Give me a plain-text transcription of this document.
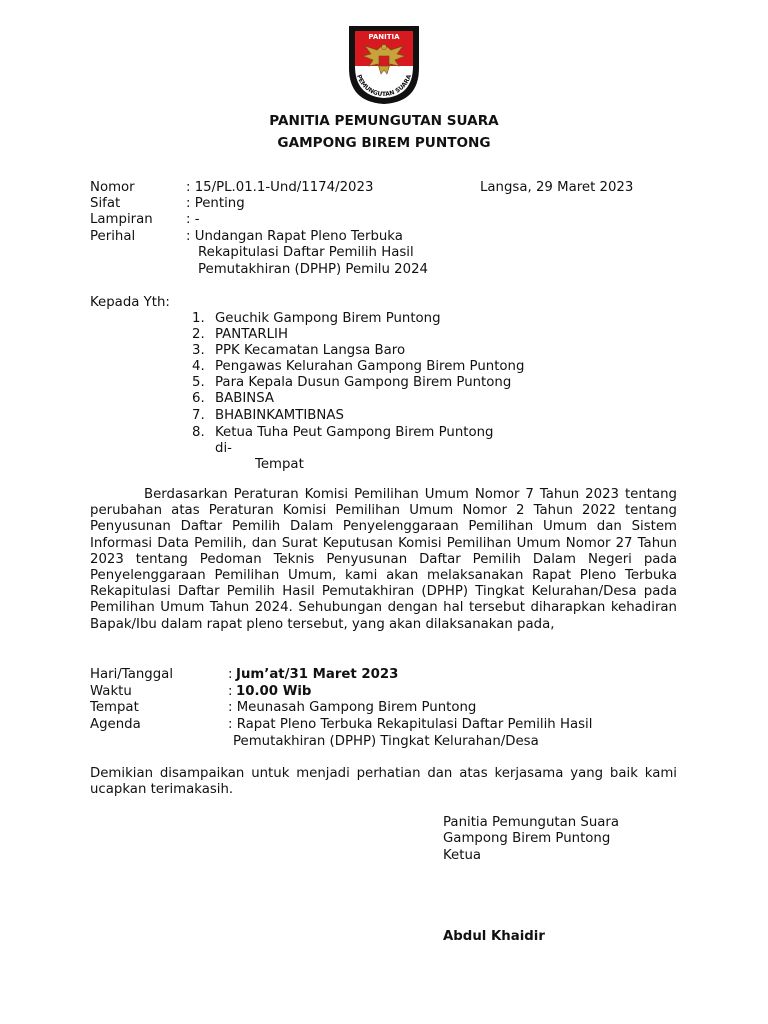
PANITIA
PEMUNGUTAN SUARA
PANITIA PEMUNGUTAN SUARA
GAMPONG BIREM PUNTONG
Nomor	: 15/PL.01.1-Und/1174/2023	Langsa, 29 Maret 2023
Sifat	: Penting
Lampiran	: -
Perihal	: Undangan Rapat Pleno Terbuka
Rekapitulasi Daftar Pemilih Hasil
Pemutakhiran (DPHP) Pemilu 2024
Kepada Yth:
1. Geuchik Gampong Birem Puntong
2. PANTARLIH
3. PPK Kecamatan Langsa Baro
4. Pengawas Kelurahan Gampong Birem Puntong
5. Para Kepala Dusun Gampong Birem Puntong
6. BABINSA
7. BHABINKAMTIBNAS
8. Ketua Tuha Peut Gampong Birem Puntong
di-
Tempat
Berdasarkan Peraturan Komisi Pemilihan Umum Nomor 7 Tahun 2023 tentang perubahan atas Peraturan Komisi Pemilihan Umum Nomor 2 Tahun 2022 tentang Penyusunan Daftar Pemilih Dalam Penyelenggaraan Pemilihan Umum dan Sistem Informasi Data Pemilih, dan Surat Keputusan Komisi Pemilihan Umum Nomor 27 Tahun 2023 tentang Pedoman Teknis Penyusunan Daftar Pemilih Dalam Negeri pada Penyelenggaraan Pemilihan Umum, kami akan melaksanakan Rapat Pleno Terbuka Rekapitulasi Daftar Pemilih Hasil Pemutakhiran (DPHP) Tingkat Kelurahan/Desa pada Pemilihan Umum Tahun 2024. Sehubungan dengan hal tersebut diharapkan kehadiran Bapak/Ibu dalam rapat pleno tersebut, yang akan dilaksanakan pada,
Hari/Tanggal	: Jum’at/31 Maret 2023
Waktu	: 10.00 Wib
Tempat	: Meunasah Gampong Birem Puntong
Agenda	: Rapat Pleno Terbuka Rekapitulasi Daftar Pemilih Hasil
Pemutakhiran (DPHP) Tingkat Kelurahan/Desa
Demikian disampaikan untuk menjadi perhatian dan atas kerjasama yang baik kami ucapkan terimakasih.
Panitia Pemungutan Suara
Gampong Birem Puntong
Ketua
Abdul Khaidir
